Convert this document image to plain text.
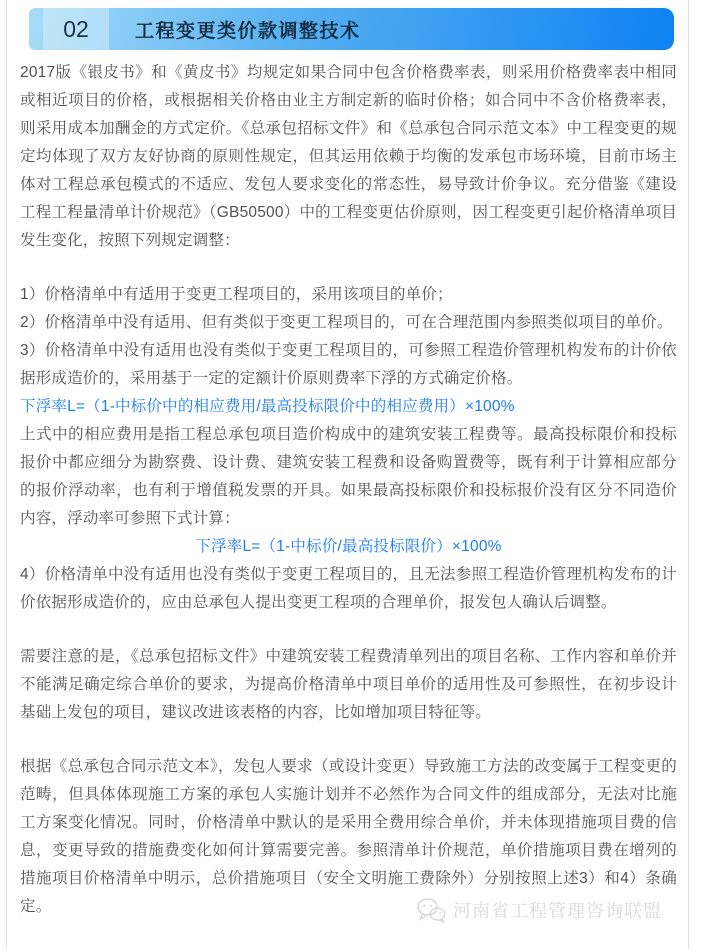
02	工程变更类价款调整技术

2017版《银皮书》和《黄皮书》均规定如果合同中包含价格费率表，则采用价格费率表中相同或相近项目的价格，或根据相关价格由业主方制定新的临时价格；如合同中不含价格费率表，则采用成本加酬金的方式定价。《总承包招标文件》和《总承包合同示范文本》中工程变更的规定均体现了双方友好协商的原则性规定，但其运用依赖于均衡的发承包市场环境，目前市场主体对工程总承包模式的不适应、发包人要求变化的常态性，易导致计价争议。充分借鉴《建设工程工程量清单计价规范》（GB50500）中的工程变更估价原则，因工程变更引起价格清单项目发生变化，按照下列规定调整：

1）价格清单中有适用于变更工程项目的，采用该项目的单价；

2）价格清单中没有适用、但有类似于变更工程项目的，可在合理范围内参照类似项目的单价。

3）价格清单中没有适用也没有类似于变更工程项目的，可参照工程造价管理机构发布的计价依据形成造价的，采用基于一定的定额计价原则费率下浮的方式确定价格。

下浮率L=（1-中标价中的相应费用/最高投标限价中的相应费用）×100%

上式中的相应费用是指工程总承包项目造价构成中的建筑安装工程费等。最高投标限价和投标报价中都应细分为勘察费、设计费、建筑安装工程费和设备购置费等，既有利于计算相应部分的报价浮动率，也有利于增值税发票的开具。如果最高投标限价和投标报价没有区分不同造价内容，浮动率可参照下式计算：

下浮率L=（1-中标价/最高投标限价）×100%

4）价格清单中没有适用也没有类似于变更工程项目的，且无法参照工程造价管理机构发布的计价依据形成造价的，应由总承包人提出变更工程项的合理单价，报发包人确认后调整。

需要注意的是，《总承包招标文件》中建筑安装工程费清单列出的项目名称、工作内容和单价并不能满足确定综合单价的要求，为提高价格清单中项目单价的适用性及可参照性，在初步设计基础上发包的项目，建议改进该表格的内容，比如增加项目特征等。

根据《总承包合同示范文本》，发包人要求（或设计变更）导致施工方法的改变属于工程变更的范畴，但具体体现施工方案的承包人实施计划并不必然作为合同文件的组成部分，无法对比施工方案变化情况。同时，价格清单中默认的是采用全费用综合单价，并未体现措施项目费的信息，变更导致的措施费变化如何计算需要完善。参照清单计价规范，单价措施项目费在增列的措施项目价格清单中明示，总价措施项目（安全文明施工费除外）分别按照上述3）和4）条确定。	河南省工程管理咨询联盟
